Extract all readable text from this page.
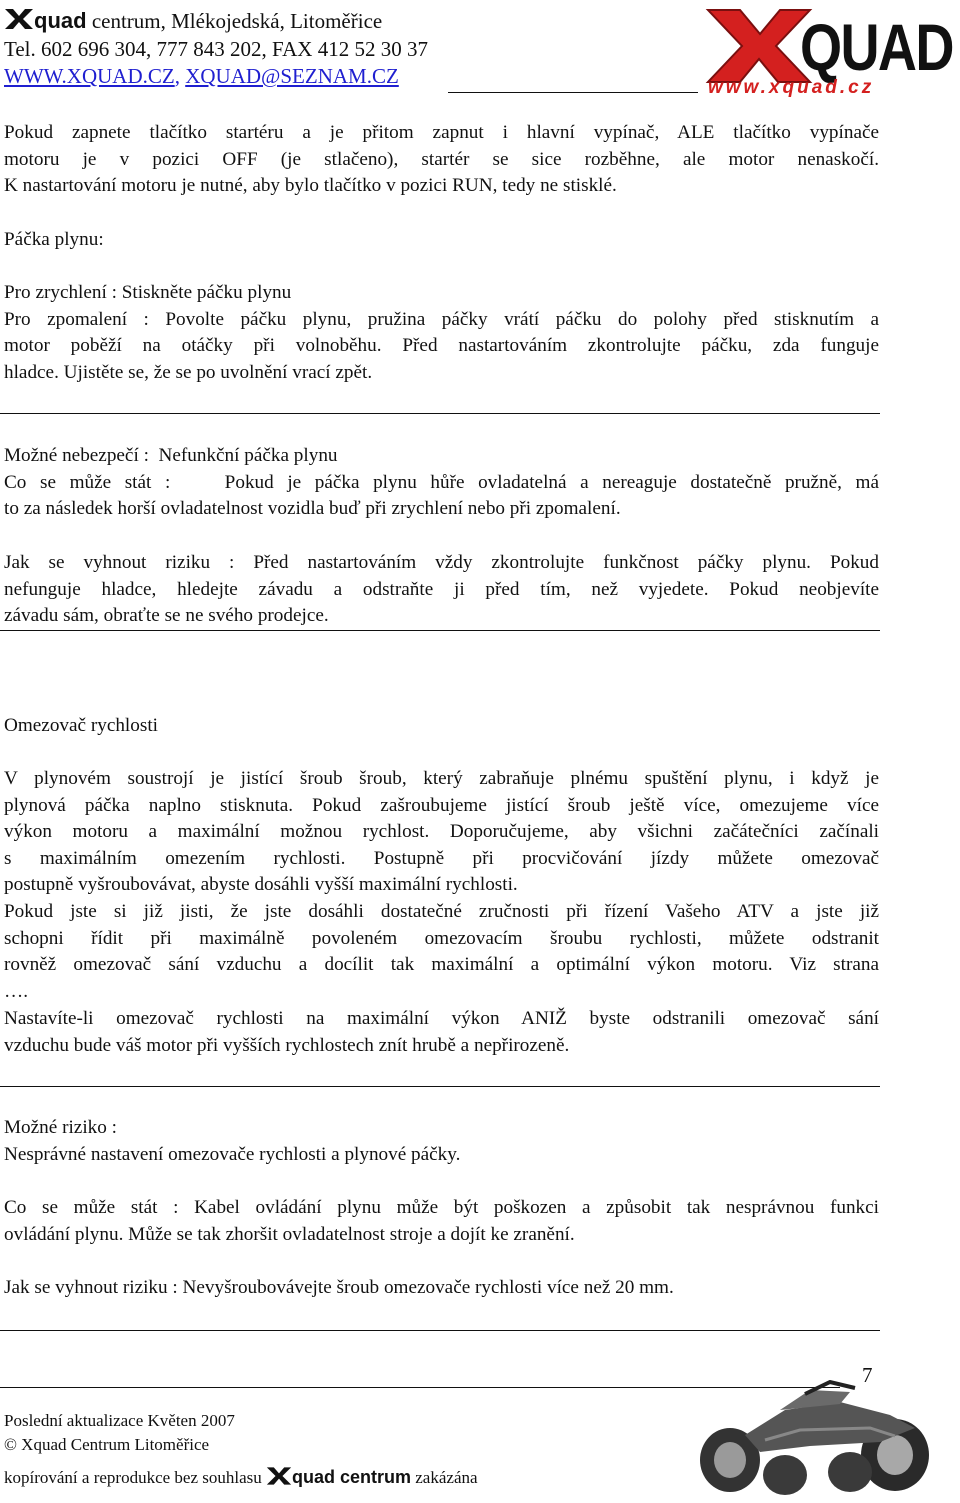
quad centrum, Mlékojedská, Litoměřice
Tel. 602 696 304, 777 843 202, FAX 412 52 30 37
WWW.XQUAD.CZ, XQUAD@SEZNAM.CZ	QUAD
www.xquad.cz
Pokud zapnete tlačítko startéru a je přitom zapnut i hlavní vypínač, ALE tlačítko vypínače
motoru je v pozici OFF (je stlačeno), startér se sice rozběhne, ale motor nenaskočí.
K nastartování motoru je nutné, aby bylo tlačítko v pozici RUN, tedy ne stisklé.
Páčka plynu:
Pro zrychlení : Stiskněte páčku plynu
Pro zpomalení : Povolte páčku plynu, pružina páčky vrátí páčku do polohy před stisknutím a
motor poběží na otáčky při volnoběhu. Před nastartováním zkontrolujte páčku, zda funguje
hladce. Ujistěte se, že se po uvolnění vrací zpět.
Možné nebezpečí :  Nefunkční páčka plynu
Co se může stát :    Pokud je páčka plynu hůře ovladatelná a nereaguje dostatečně pružně, má
to za následek horší ovladatelnost vozidla buď při zrychlení nebo při zpomalení.
Jak se vyhnout riziku : Před nastartováním vždy zkontrolujte funkčnost páčky plynu. Pokud
nefunguje hladce, hledejte závadu a odstraňte ji před tím, než vyjedete. Pokud neobjevíte
závadu sám, obraťte se ne svého prodejce.
Omezovač rychlosti
V plynovém soustrojí je jistící šroub šroub, který zabraňuje plnému spuštění plynu, i když je
plynová páčka naplno stisknuta. Pokud zašroubujeme jistící šroub ještě více, omezujeme více
výkon motoru a maximální možnou rychlost. Doporučujeme, aby všichni začátečníci začínali
s maximálním omezením rychlosti. Postupně při procvičování jízdy můžete omezovač
postupně vyšroubovávat, abyste dosáhli vyšší maximální rychlosti.
Pokud jste si již jisti, že jste dosáhli dostatečné zručnosti při řízení Vašeho ATV a jste již
schopni řídit při maximálně povoleném omezovacím šroubu rychlosti, můžete odstranit
rovněž omezovač sání vzduchu a docílit tak maximální a optimální výkon motoru. Viz strana
….
Nastavíte-li omezovač rychlosti na maximální výkon ANIŽ byste odstranili omezovač sání
vzduchu bude váš motor při vyšších rychlostech znít hrubě a nepřirozeně.
Možné riziko :
Nesprávné nastavení omezovače rychlosti a plynové páčky.
Co se může stát : Kabel ovládání plynu může být poškozen a způsobit tak nesprávnou funkci
ovládání plynu. Může se tak zhoršit ovladatelnost stroje a dojít ke zranění.
Jak se vyhnout riziku : Nevyšroubovávejte šroub omezovače rychlosti více než 20 mm.
7
Poslední aktualizace Květen 2007
© Xquad Centrum Litoměřice
kopírování a reprodukce bez souhlasu quad centrum zakázána
